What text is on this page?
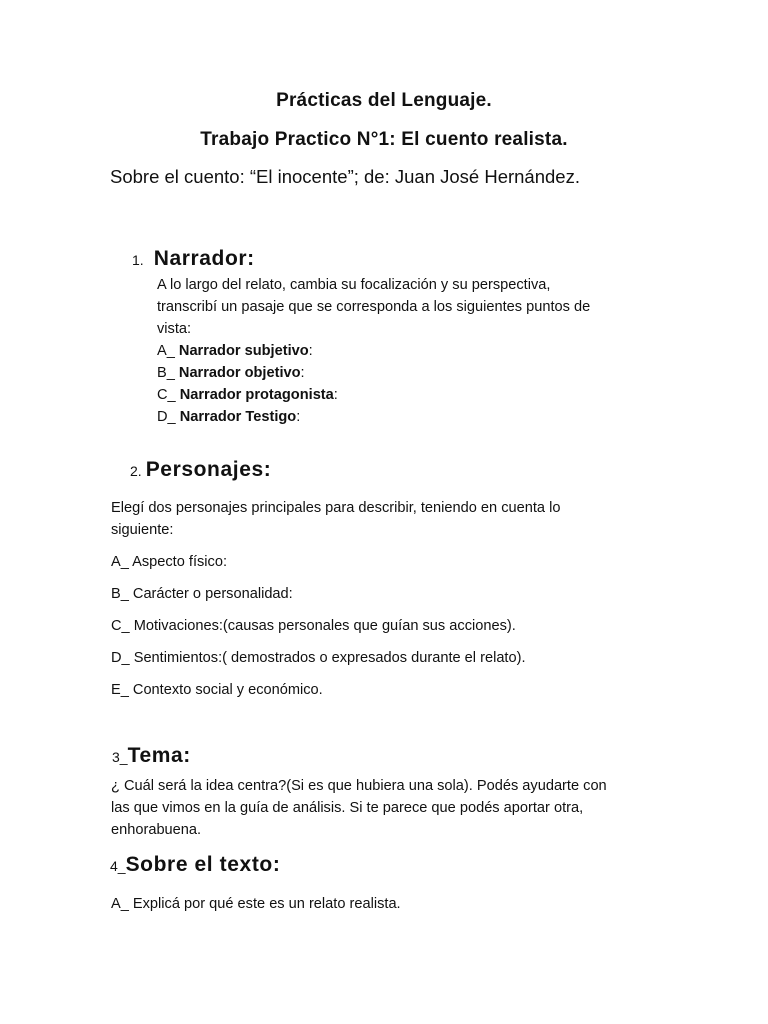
Prácticas del Lenguaje.
Trabajo Practico N°1: El cuento realista.
Sobre el cuento: “El inocente”; de: Juan José Hernández.
1. Narrador:
A lo largo del relato, cambia su focalización y su perspectiva,
transcribí un pasaje que se corresponda a los siguientes puntos de
vista:
A_ Narrador subjetivo:
B_ Narrador objetivo:
C_ Narrador protagonista:
D_ Narrador Testigo:
2. Personajes:
Elegí dos personajes principales para describir, teniendo en cuenta lo
siguiente:
A_ Aspecto físico:
B_ Carácter o personalidad:
C_ Motivaciones:(causas personales que guían sus acciones).
D_ Sentimientos:( demostrados o expresados durante el relato).
E_ Contexto social y económico.
3_ Tema:
¿ Cuál será la idea centra?(Si es que hubiera una sola). Podés ayudarte con
las que vimos en la guía de análisis. Si te parece que podés aportar otra,
enhorabuena.
4_ Sobre el texto:
A_ Explicá por qué este es un relato realista.
